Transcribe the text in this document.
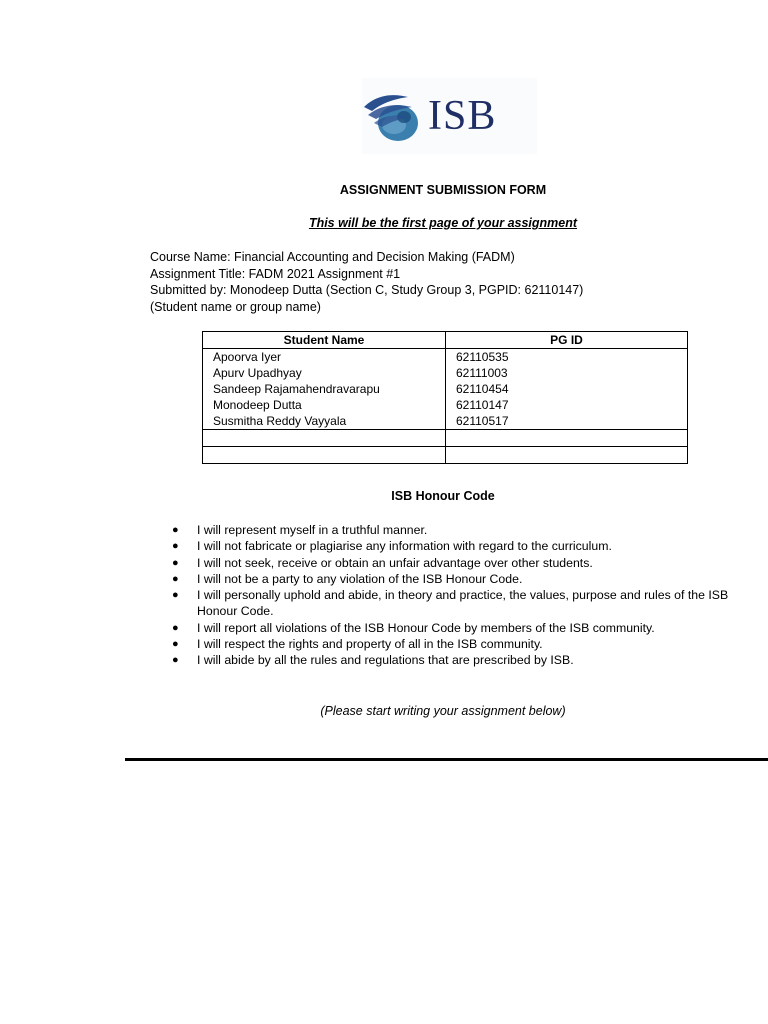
ISB
ASSIGNMENT SUBMISSION FORM
This will be the first page of your assignment
Course Name: Financial Accounting and Decision Making (FADM)
Assignment Title: FADM 2021 Assignment #1
Submitted by: Monodeep Dutta (Section C, Study Group 3, PGPID: 62110147)
(Student name or group name)
Student Name	PG ID
Apoorva Iyer	62110535
Apurv Upadhyay	62111003
Sandeep Rajamahendravarapu	62110454
Monodeep Dutta	62110147
Susmitha Reddy Vayyala	62110517

ISB Honour Code
● I will represent myself in a truthful manner.
● I will not fabricate or plagiarise any information with regard to the curriculum.
● I will not seek, receive or obtain an unfair advantage over other students.
● I will not be a party to any violation of the ISB Honour Code.
● I will personally uphold and abide, in theory and practice, the values, purpose and rules of the ISB Honour Code.
● I will report all violations of the ISB Honour Code by members of the ISB community.
● I will respect the rights and property of all in the ISB community.
● I will abide by all the rules and regulations that are prescribed by ISB.
(Please start writing your assignment below)
